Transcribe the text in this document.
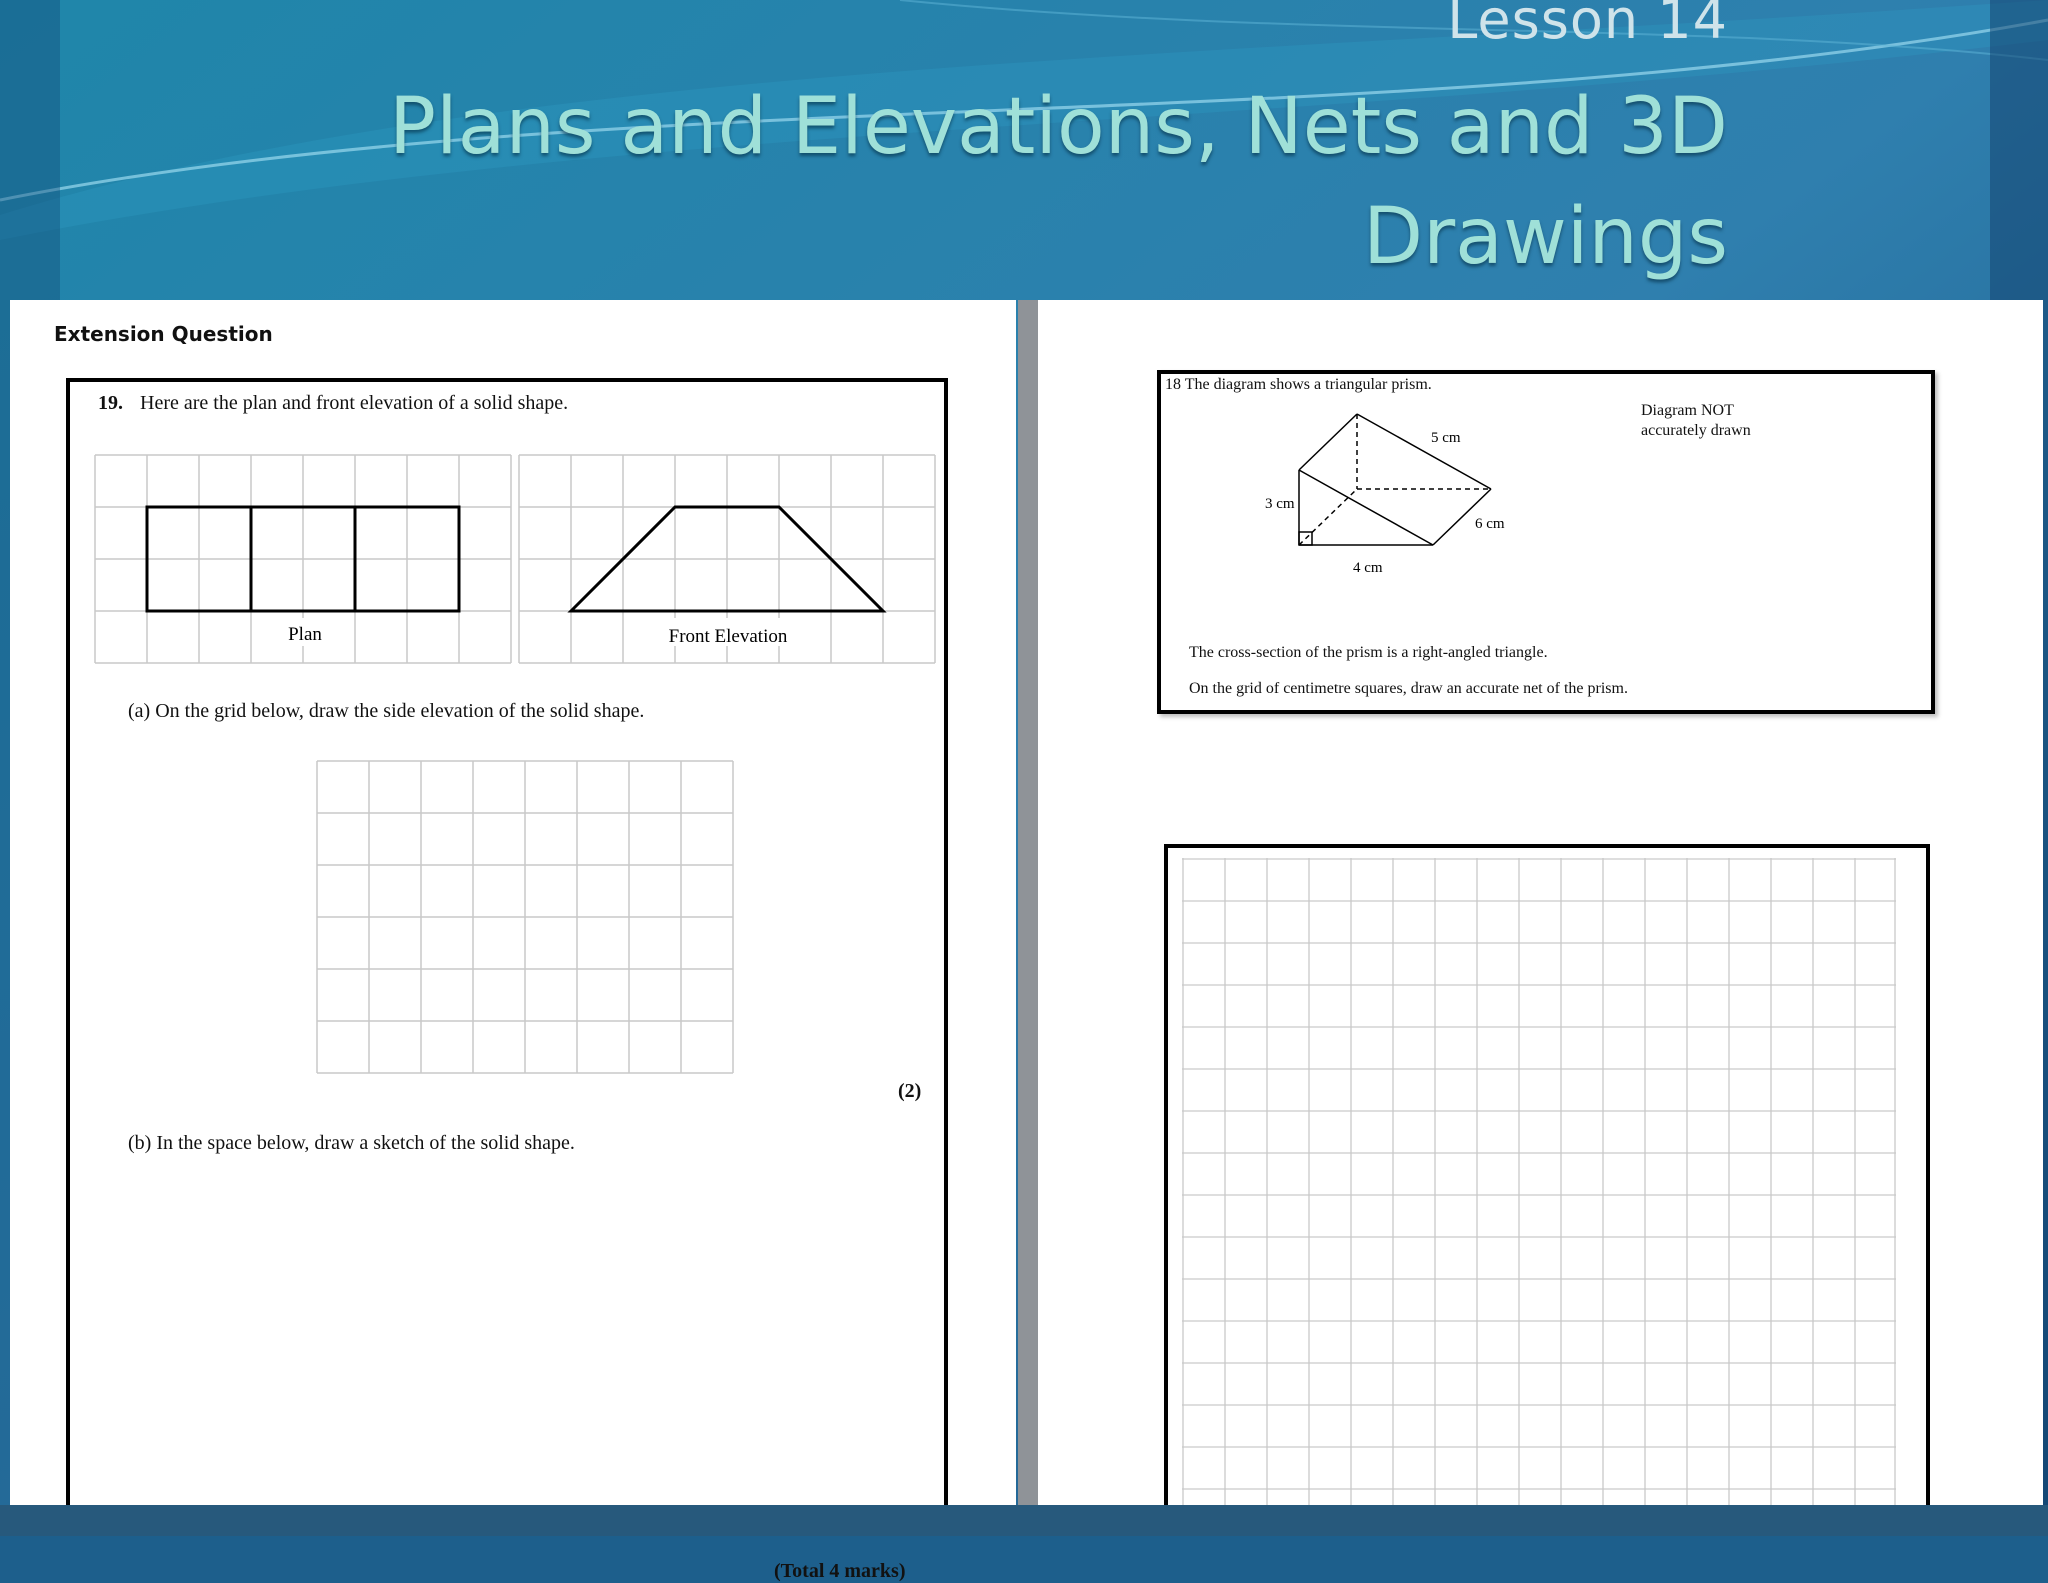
Lesson 14
Plans and Elevations, Nets and 3D Drawings
Extension Question
19. Here are the plan and front elevation of a solid shape.
Plan	Front Elevation
(a) On the grid below, draw the side elevation of the solid shape.
(2)
(b) In the space below, draw a sketch of the solid shape.
(Total 4 marks)
18 The diagram shows a triangular prism.
Diagram NOT
accurately drawn
5 cm
3 cm
6 cm
4 cm
The cross-section of the prism is a right-angled triangle.
On the grid of centimetre squares, draw an accurate net of the prism.
